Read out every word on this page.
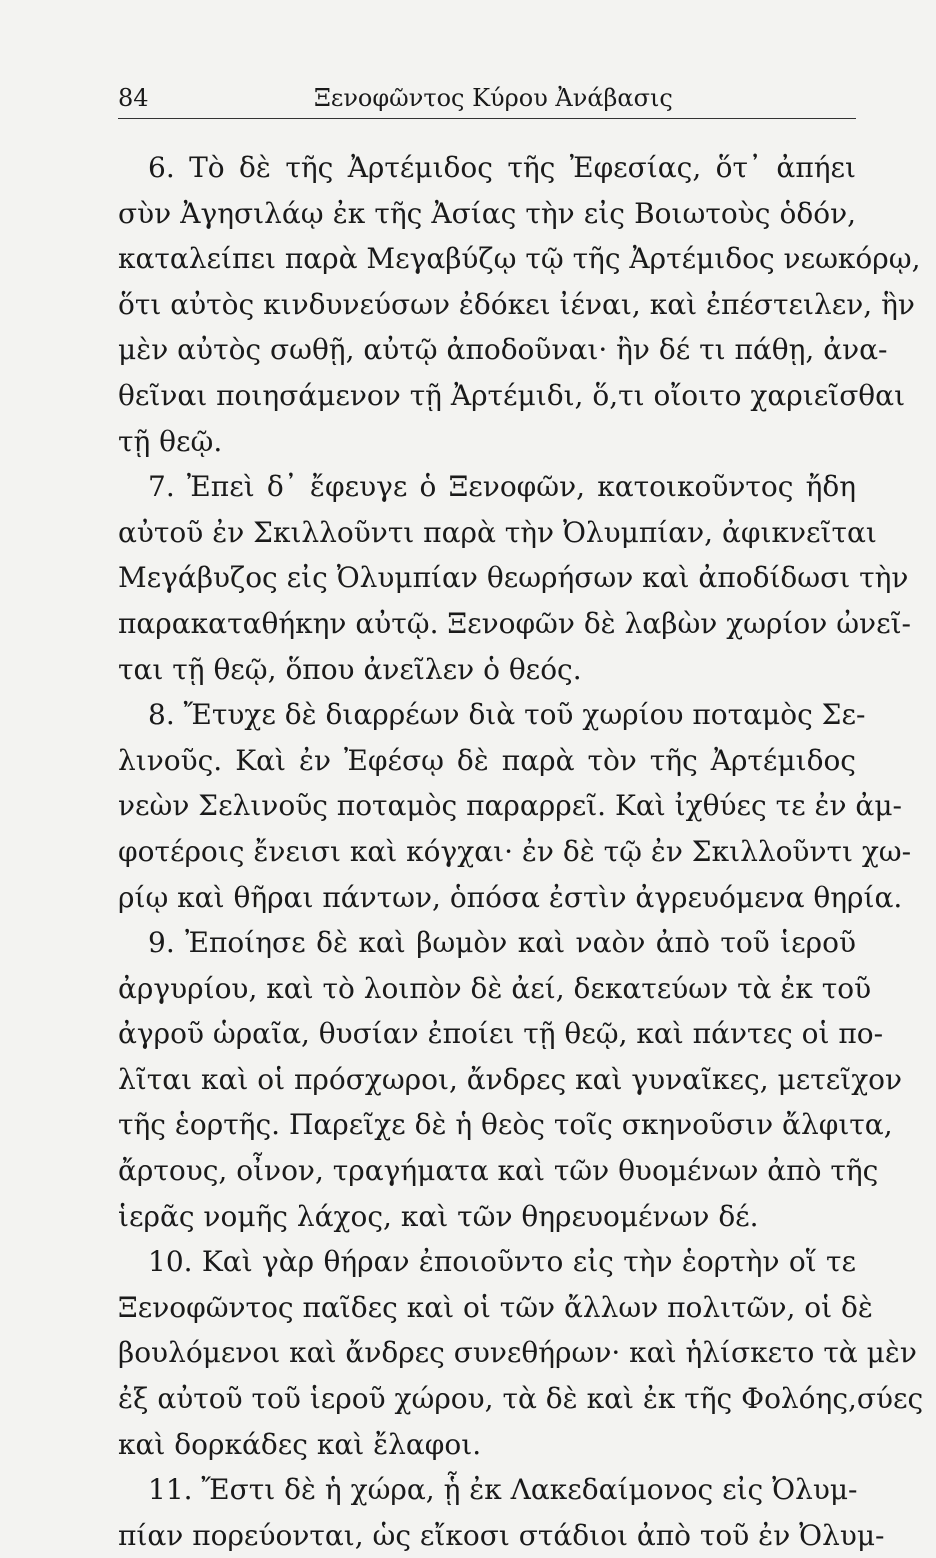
84	Ξενοφῶντος Κύρου Ἀνάβασις
6. Τὸ δὲ τῆς Ἀρτέμιδος τῆς Ἐφεσίας, ὅτ᾽ ἀπήει
σὺν Ἀγησιλάῳ ἐκ τῆς Ἀσίας τὴν εἰς Βοιωτοὺς ὁδόν,
καταλείπει παρὰ Μεγαβύζῳ τῷ τῆς Ἀρτέμιδος νεωκόρῳ,
ὅτι αὐτὸς κινδυνεύσων ἐδόκει ἰέναι, καὶ ἐπέστειλεν, ἣν
μὲν αὐτὸς σωθῇ, αὐτῷ ἀποδοῦναι· ἢν δέ τι πάθῃ, ἀνα-
θεῖναι ποιησάμενον τῇ Ἀρτέμιδι, ὅ,τι οἴοιτο χαριεῖσθαι
τῇ θεῷ.
7. Ἐπεὶ δ᾽ ἔφευγε ὁ Ξενοφῶν, κατοικοῦντος ἤδη
αὐτοῦ ἐν Σκιλλοῦντι παρὰ τὴν Ὀλυμπίαν, ἀφικνεῖται
Μεγάβυζος εἰς Ὀλυμπίαν θεωρήσων καὶ ἀποδίδωσι τὴν
παρακαταθήκην αὐτῷ. Ξενοφῶν δὲ λαβὼν χωρίον ὠνεῖ-
ται τῇ θεῷ, ὅπου ἀνεῖλεν ὁ θεός.
8. Ἔτυχε δὲ διαρρέων διὰ τοῦ χωρίου ποταμὸς Σε-
λινοῦς. Καὶ ἐν Ἐφέσῳ δὲ παρὰ τὸν τῆς Ἀρτέμιδος
νεὼν Σελινοῦς ποταμὸς παραρρεῖ. Καὶ ἰχθύες τε ἐν ἀμ-
φοτέροις ἔνεισι καὶ κόγχαι· ἐν δὲ τῷ ἐν Σκιλλοῦντι χω-
ρίῳ καὶ θῆραι πάντων, ὁπόσα ἐστὶν ἀγρευόμενα θηρία.
9. Ἐποίησε δὲ καὶ βωμὸν καὶ ναὸν ἀπὸ τοῦ ἱεροῦ
ἀργυρίου, καὶ τὸ λοιπὸν δὲ ἀεί, δεκατεύων τὰ ἐκ τοῦ
ἀγροῦ ὡραῖα, θυσίαν ἐποίει τῇ θεῷ, καὶ πάντες οἱ πο-
λῖται καὶ οἱ πρόσχωροι, ἄνδρες καὶ γυναῖκες, μετεῖχον
τῆς ἑορτῆς. Παρεῖχε δὲ ἡ θεὸς τοῖς σκηνοῦσιν ἄλφιτα,
ἄρτους, οἶνον, τραγήματα καὶ τῶν θυομένων ἀπὸ τῆς
ἱερᾶς νομῆς λάχος, καὶ τῶν θηρευομένων δέ.
10. Καὶ γὰρ θήραν ἐποιοῦντο εἰς τὴν ἑορτὴν οἵ τε
Ξενοφῶντος παῖδες καὶ οἱ τῶν ἄλλων πολιτῶν, οἱ δὲ
βουλόμενοι καὶ ἄνδρες συνεθήρων· καὶ ἡλίσκετο τὰ μὲν
ἐξ αὐτοῦ τοῦ ἱεροῦ χώρου, τὰ δὲ καὶ ἐκ τῆς Φολόης,σύες
καὶ δορκάδες καὶ ἔλαφοι.
11. Ἔστι δὲ ἡ χώρα, ᾗ ἐκ Λακεδαίμονος εἰς Ὀλυμ-
πίαν πορεύονται, ὡς εἴκοσι στάδιοι ἀπὸ τοῦ ἐν Ὀλυμ-
